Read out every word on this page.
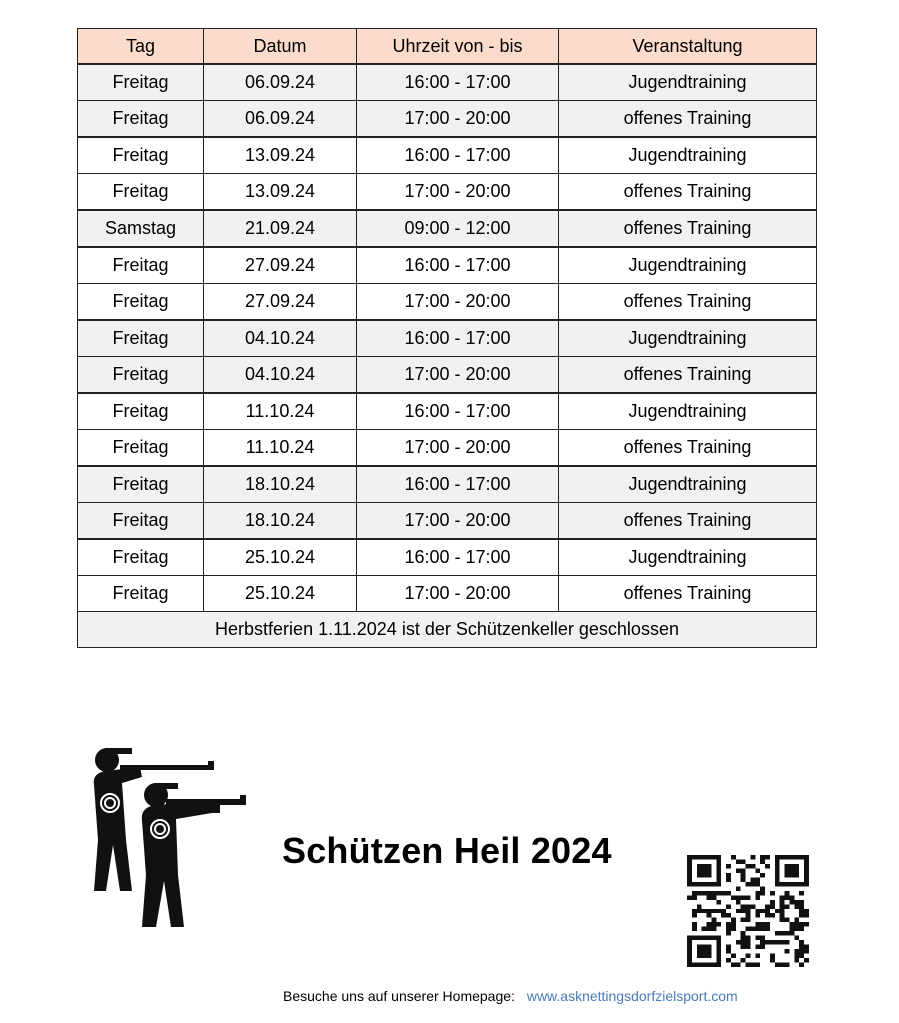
Tag	Datum	Uhrzeit von - bis	Veranstaltung
Freitag	06.09.24	16:00 - 17:00	Jugendtraining
Freitag	06.09.24	17:00 - 20:00	offenes Training
Freitag	13.09.24	16:00 - 17:00	Jugendtraining
Freitag	13.09.24	17:00 - 20:00	offenes Training
Samstag	21.09.24	09:00 - 12:00	offenes Training
Freitag	27.09.24	16:00 - 17:00	Jugendtraining
Freitag	27.09.24	17:00 - 20:00	offenes Training
Freitag	04.10.24	16:00 - 17:00	Jugendtraining
Freitag	04.10.24	17:00 - 20:00	offenes Training
Freitag	11.10.24	16:00 - 17:00	Jugendtraining
Freitag	11.10.24	17:00 - 20:00	offenes Training
Freitag	18.10.24	16:00 - 17:00	Jugendtraining
Freitag	18.10.24	17:00 - 20:00	offenes Training
Freitag	25.10.24	16:00 - 17:00	Jugendtraining
Freitag	25.10.24	17:00 - 20:00	offenes Training
Herbstferien 1.11.2024 ist der Schützenkeller geschlossen			
Schützen Heil 2024
Besuche uns auf unserer Homepage: www.asknettingsdorfzielsport.com
